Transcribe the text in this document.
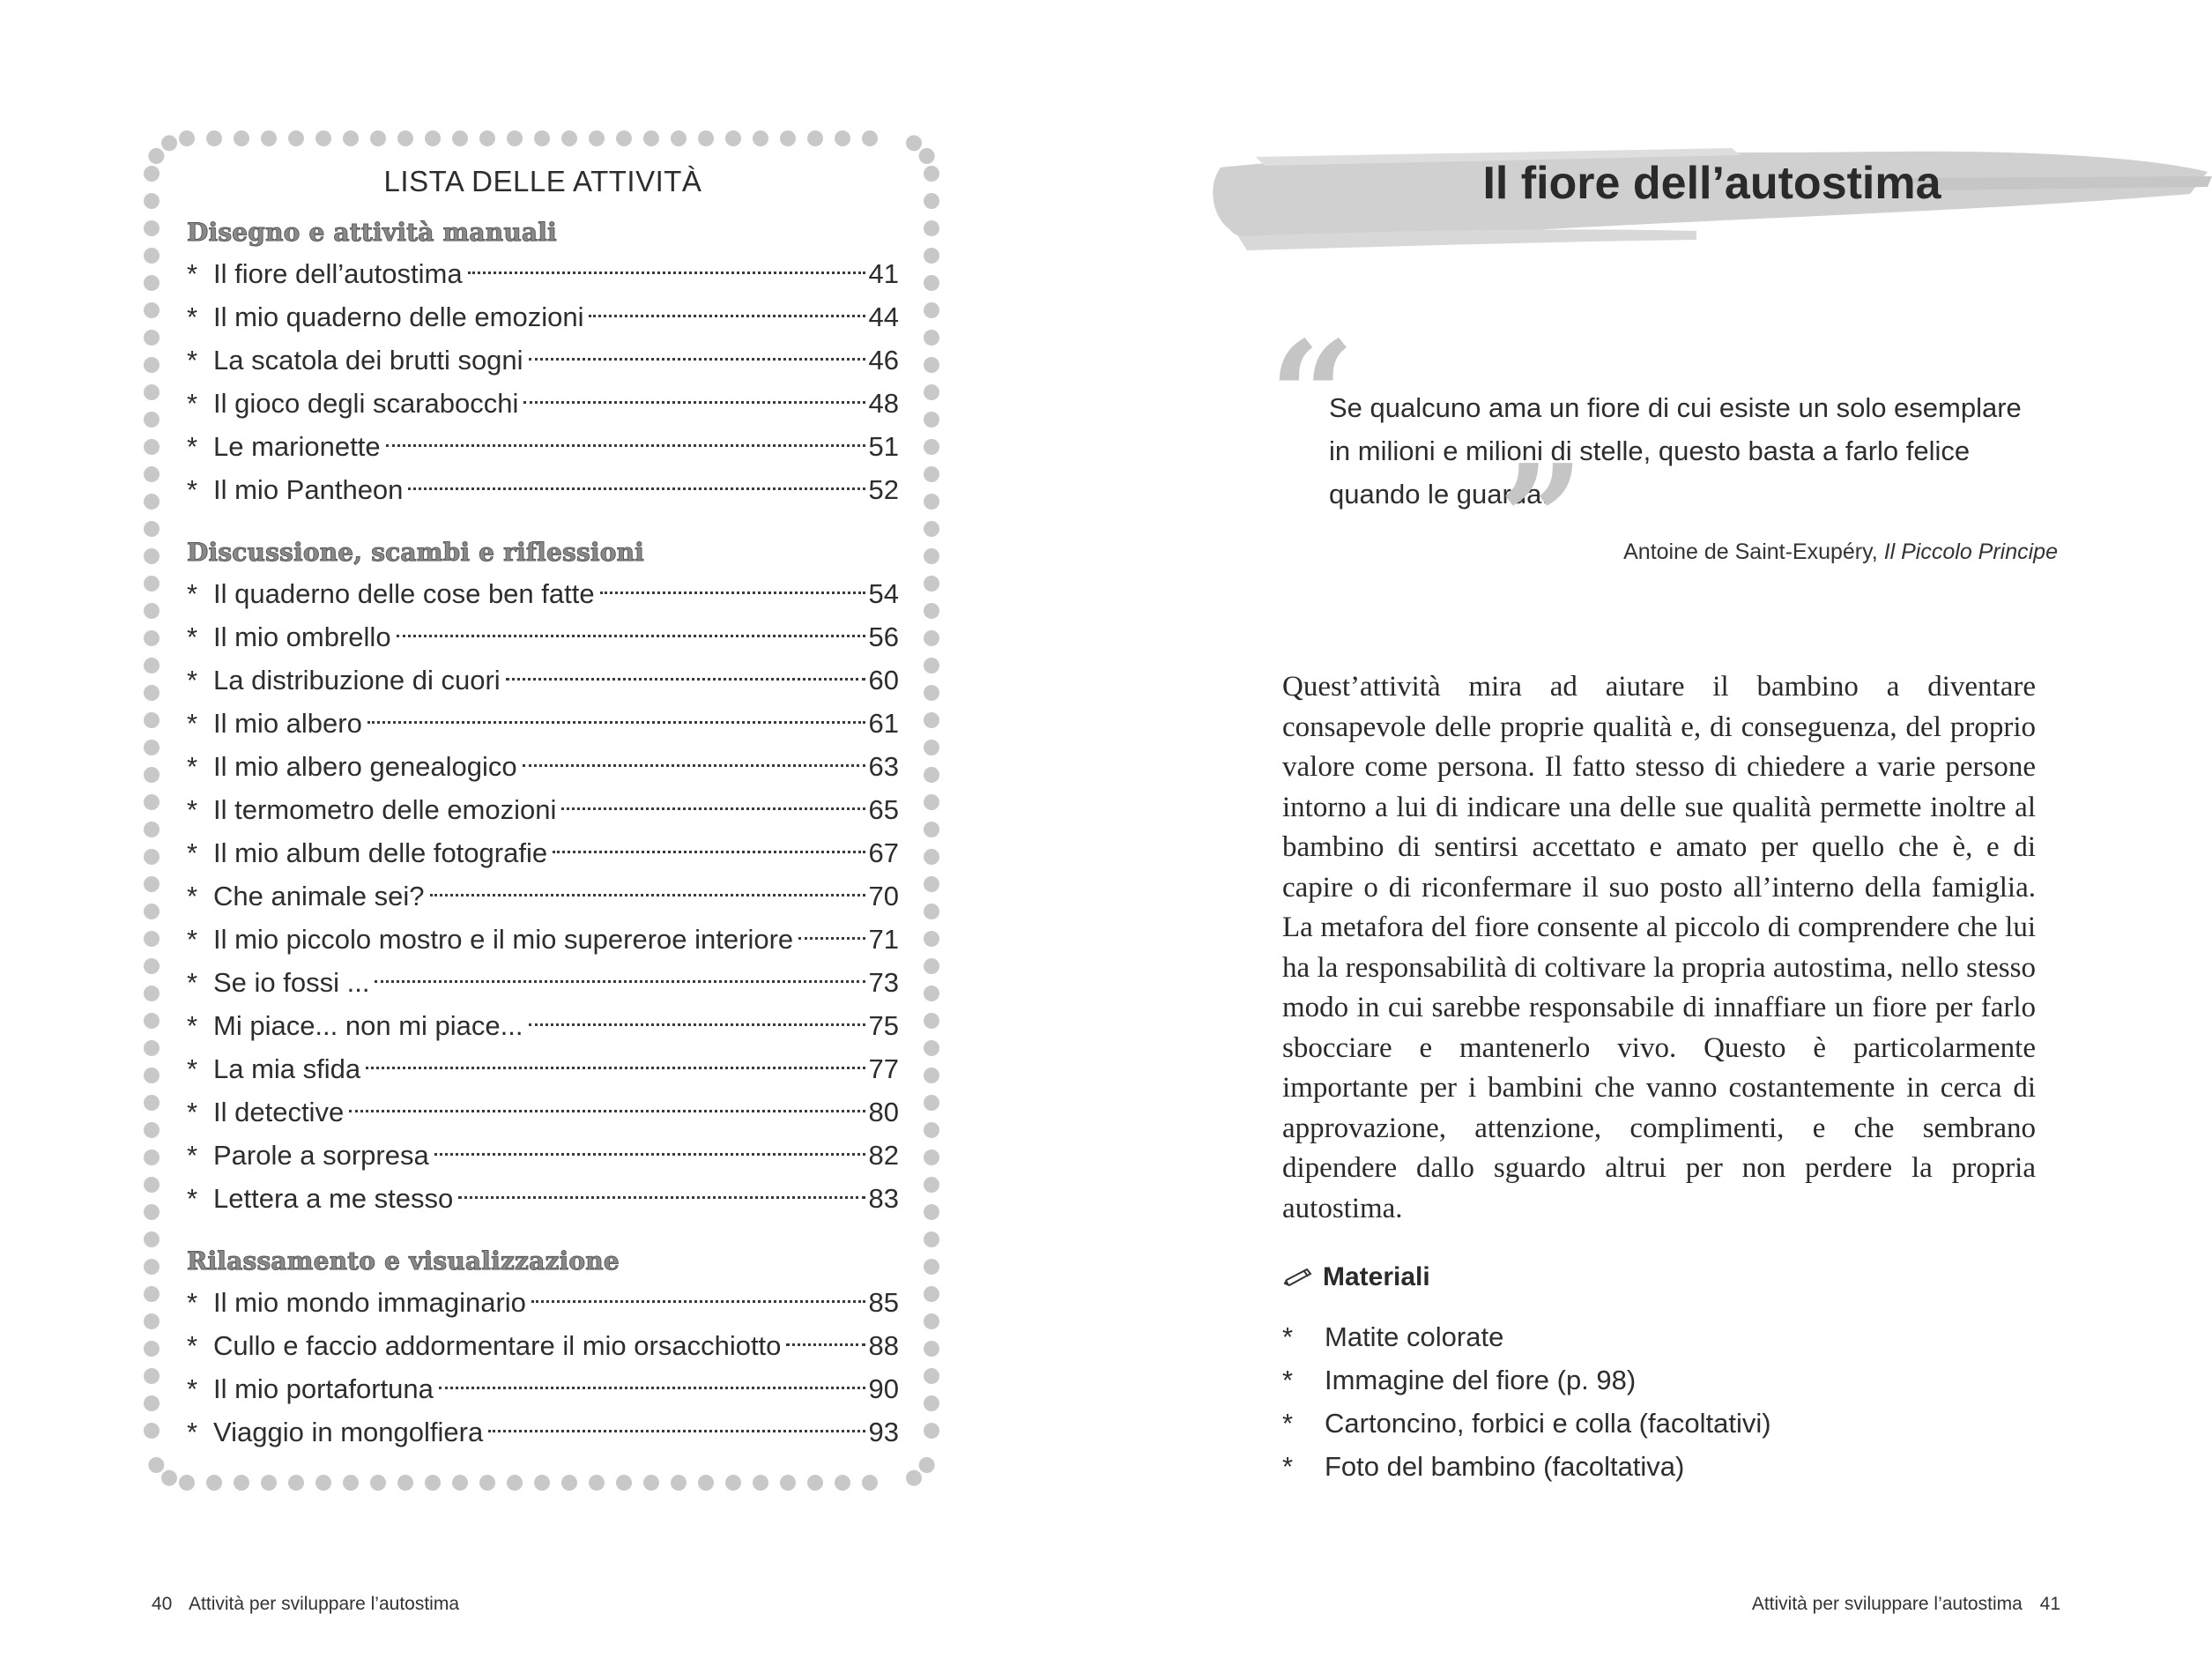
LISTA DELLE ATTIVITÀ
Disegno e attività manuali
* Il fiore dell’autostima	41
* Il mio quaderno delle emozioni	44
* La scatola dei brutti sogni	46
* Il gioco degli scarabocchi	48
* Le marionette	51
* Il mio Pantheon	52
Discussione, scambi e riflessioni
* Il quaderno delle cose ben fatte	54
* Il mio ombrello	56
* La distribuzione di cuori	60
* Il mio albero	61
* Il mio albero genealogico	63
* Il termometro delle emozioni	65
* Il mio album delle fotografie	67
* Che animale sei?	70
* Il mio piccolo mostro e il mio supereroe interiore	71
* Se io fossi ...	73
* Mi piace... non mi piace...	75
* La mia sfida	77
* Il detective	80
* Parole a sorpresa	82
* Lettera a me stesso	83
Rilassamento e visualizzazione
* Il mio mondo immaginario	85
* Cullo e faccio addormentare il mio orsacchiotto	88
* Il mio portafortuna	90
* Viaggio in mongolfiera	93
40 Attività per sviluppare l’autostima
Il fiore dell’autostima
“
Se qualcuno ama un fiore di cui esiste un solo esemplare
in milioni e milioni di stelle, questo basta a farlo felice
quando le guarda.
” Antoine de Saint-Exupéry, Il Piccolo Principe
Quest’attività mira ad aiutare il bambino a diventare consapevole delle proprie qualità e, di conseguenza, del proprio valore come persona. Il fatto stesso di chiedere a varie persone intorno a lui di indicare una delle sue qualità permette inoltre al bambino di sentirsi accettato e amato per quello che è, e di capire o di riconfermare il suo posto all’interno della famiglia. La metafora del fiore consente al piccolo di comprendere che lui ha la responsabilità di coltivare la propria autostima, nello stesso modo in cui sarebbe responsabile di innaffiare un fiore per farlo sbocciare e mantenerlo vivo. Questo è particolarmente importante per i bambini che vanno costantemente in cerca di approvazione, attenzione, complimenti, e che sembrano dipendere dallo sguardo altrui per non perdere la propria autostima.
Materiali
*	Matite colorate
*	Immagine del fiore (p. 98)
*	Cartoncino, forbici e colla (facoltativi)
*	Foto del bambino (facoltativa)
Attività per sviluppare l’autostima 41
